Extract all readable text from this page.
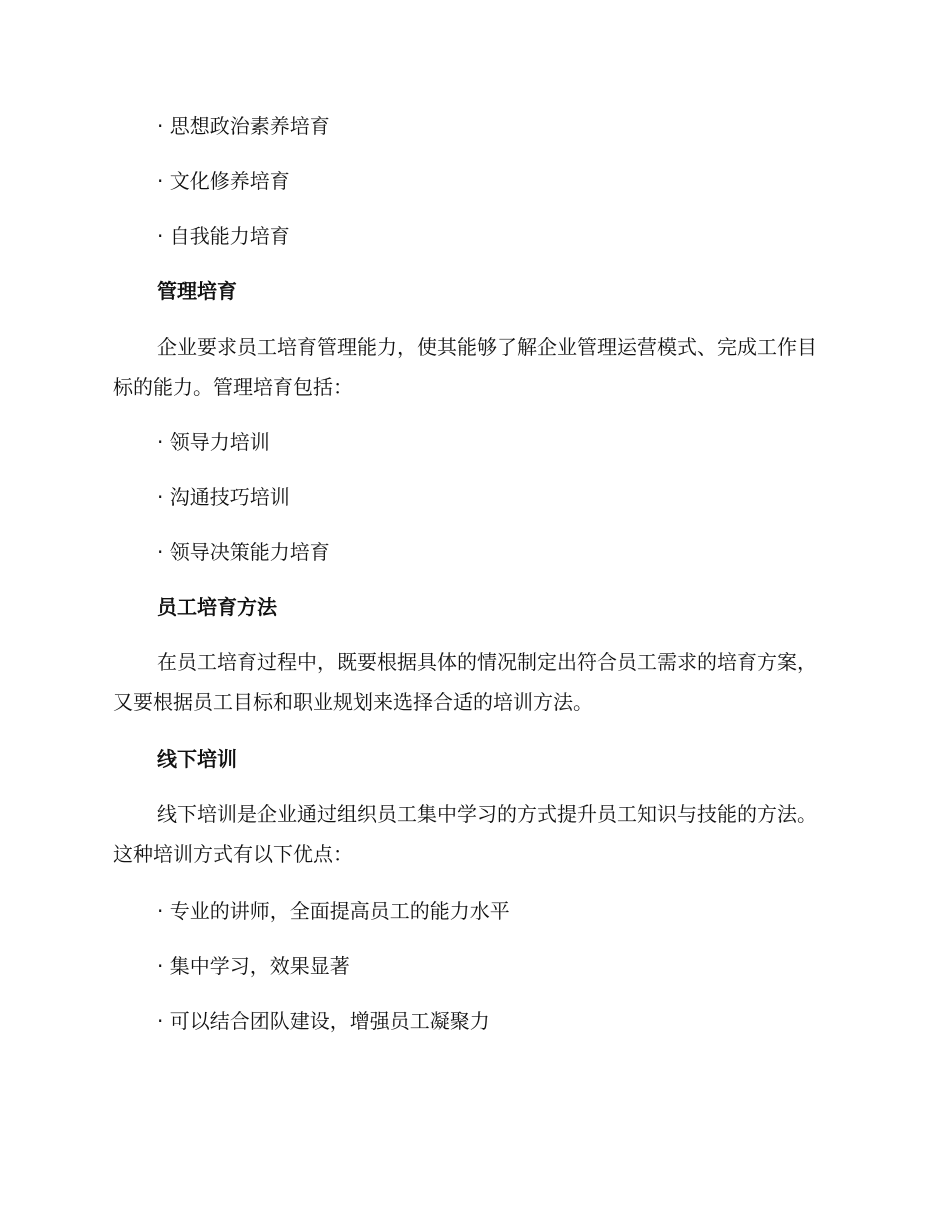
· 思想政治素养培育
· 文化修养培育
· 自我能力培育
管理培育
企业要求员工培育管理能力，使其能够了解企业管理运营模式、完成工作目标的能力。管理培育包括：
· 领导力培训
· 沟通技巧培训
· 领导决策能力培育
员工培育方法
在员工培育过程中，既要根据具体的情况制定出符合员工需求的培育方案，又要根据员工目标和职业规划来选择合适的培训方法。
线下培训
线下培训是企业通过组织员工集中学习的方式提升员工知识与技能的方法。这种培训方式有以下优点：
· 专业的讲师，全面提高员工的能力水平
· 集中学习，效果显著
· 可以结合团队建设，增强员工凝聚力
